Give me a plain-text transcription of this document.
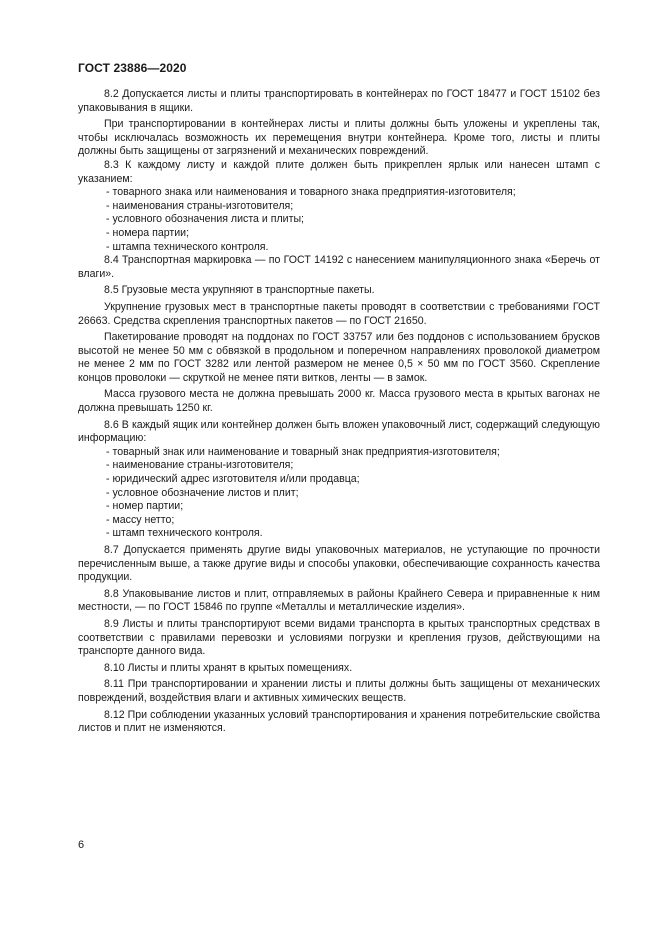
ГОСТ 23886—2020

8.2 Допускается листы и плиты транспортировать в контейнерах по ГОСТ 18477 и ГОСТ 15102 без упаковывания в ящики.

При транспортировании в контейнерах листы и плиты должны быть уложены и укреплены так, чтобы исключалась возможность их перемещения внутри контейнера. Кроме того, листы и плиты должны быть защищены от загрязнений и механических повреждений.

8.3 К каждому листу и каждой плите должен быть прикреплен ярлык или нанесен штамп с указанием:

- товарного знака или наименования и товарного знака предприятия-изготовителя;

- наименования страны-изготовителя;

- условного обозначения листа и плиты;

- номера партии;

- штампа технического контроля.

8.4 Транспортная маркировка — по ГОСТ 14192 с нанесением манипуляционного знака «Беречь от влаги».

8.5 Грузовые места укрупняют в транспортные пакеты.

Укрупнение грузовых мест в транспортные пакеты проводят в соответствии с требованиями ГОСТ 26663. Средства скрепления транспортных пакетов — по ГОСТ 21650.

Пакетирование проводят на поддонах по ГОСТ 33757 или без поддонов с использованием брусков высотой не менее 50 мм с обвязкой в продольном и поперечном направлениях проволокой диаметром не менее 2 мм по ГОСТ 3282 или лентой размером не менее 0,5 × 50 мм по ГОСТ 3560. Скрепление концов проволоки — скруткой не менее пяти витков, ленты — в замок.

Масса грузового места не должна превышать 2000 кг. Масса грузового места в крытых вагонах не должна превышать 1250 кг.

8.6 В каждый ящик или контейнер должен быть вложен упаковочный лист, содержащий следующую информацию:

- товарный знак или наименование и товарный знак предприятия-изготовителя;

- наименование страны-изготовителя;

- юридический адрес изготовителя и/или продавца;

- условное обозначение листов и плит;

- номер партии;

- массу нетто;

- штамп технического контроля.

8.7 Допускается применять другие виды упаковочных материалов, не уступающие по прочности перечисленным выше, а также другие виды и способы упаковки, обеспечивающие сохранность качества продукции.

8.8 Упаковывание листов и плит, отправляемых в районы Крайнего Севера и приравненные к ним местности, — по ГОСТ 15846 по группе «Металлы и металлические изделия».

8.9 Листы и плиты транспортируют всеми видами транспорта в крытых транспортных средствах в соответствии с правилами перевозки и условиями погрузки и крепления грузов, действующими на транспорте данного вида.

8.10 Листы и плиты хранят в крытых помещениях.

8.11 При транспортировании и хранении листы и плиты должны быть защищены от механических повреждений, воздействия влаги и активных химических веществ.

8.12 При соблюдении указанных условий транспортирования и хранения потребительские свойства листов и плит не изменяются.

6
